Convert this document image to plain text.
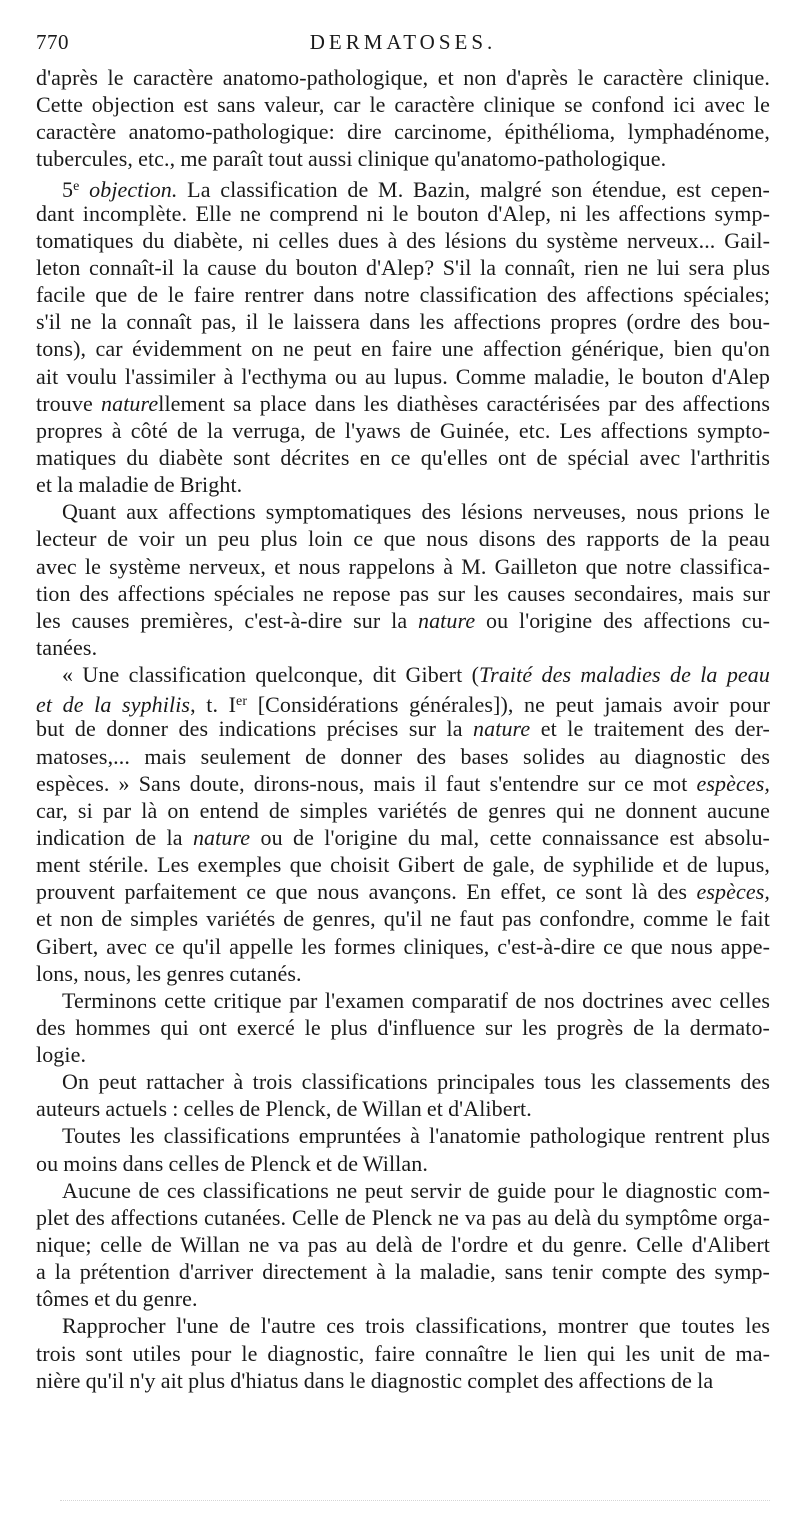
770	DERMATOSES.
d'après le caractère anatomo-pathologique, et non d'après le caractère clinique.
Cette objection est sans valeur, car le caractère clinique se confond ici avec le
caractère anatomo-pathologique: dire carcinome, épithélioma, lymphadénome,
tubercules, etc., me paraît tout aussi clinique qu'anatomo-pathologique.
5e objection. La classification de M. Bazin, malgré son étendue, est cepen-
dant incomplète. Elle ne comprend ni le bouton d'Alep, ni les affections symp-
tomatiques du diabète, ni celles dues à des lésions du système nerveux... Gail-
leton connaît-il la cause du bouton d'Alep? S'il la connaît, rien ne lui sera plus
facile que de le faire rentrer dans notre classification des affections spéciales;
s'il ne la connaît pas, il le laissera dans les affections propres (ordre des bou-
tons), car évidemment on ne peut en faire une affection générique, bien qu'on
ait voulu l'assimiler à l'ecthyma ou au lupus. Comme maladie, le bouton d'Alep
trouve naturellement sa place dans les diathèses caractérisées par des affections
propres à côté de la verruga, de l'yaws de Guinée, etc. Les affections sympto-
matiques du diabète sont décrites en ce qu'elles ont de spécial avec l'arthritis
et la maladie de Bright.
Quant aux affections symptomatiques des lésions nerveuses, nous prions le
lecteur de voir un peu plus loin ce que nous disons des rapports de la peau
avec le système nerveux, et nous rappelons à M. Gailleton que notre classifica-
tion des affections spéciales ne repose pas sur les causes secondaires, mais sur
les causes premières, c'est-à-dire sur la nature ou l'origine des affections cu-
tanées.
« Une classification quelconque, dit Gibert (Traité des maladies de la peau
et de la syphilis, t. Ier [Considérations générales]), ne peut jamais avoir pour
but de donner des indications précises sur la nature et le traitement des der-
matoses,... mais seulement de donner des bases solides au diagnostic des
espèces. » Sans doute, dirons-nous, mais il faut s'entendre sur ce mot espèces,
car, si par là on entend de simples variétés de genres qui ne donnent aucune
indication de la nature ou de l'origine du mal, cette connaissance est absolu-
ment stérile. Les exemples que choisit Gibert de gale, de syphilide et de lupus,
prouvent parfaitement ce que nous avançons. En effet, ce sont là des espèces,
et non de simples variétés de genres, qu'il ne faut pas confondre, comme le fait
Gibert, avec ce qu'il appelle les formes cliniques, c'est-à-dire ce que nous appe-
lons, nous, les genres cutanés.
Terminons cette critique par l'examen comparatif de nos doctrines avec celles
des hommes qui ont exercé le plus d'influence sur les progrès de la dermato-
logie.
On peut rattacher à trois classifications principales tous les classements des
auteurs actuels : celles de Plenck, de Willan et d'Alibert.
Toutes les classifications empruntées à l'anatomie pathologique rentrent plus
ou moins dans celles de Plenck et de Willan.
Aucune de ces classifications ne peut servir de guide pour le diagnostic com-
plet des affections cutanées. Celle de Plenck ne va pas au delà du symptôme orga-
nique; celle de Willan ne va pas au delà de l'ordre et du genre. Celle d'Alibert
a la prétention d'arriver directement à la maladie, sans tenir compte des symp-
tômes et du genre.
Rapprocher l'une de l'autre ces trois classifications, montrer que toutes les
trois sont utiles pour le diagnostic, faire connaître le lien qui les unit de ma-
nière qu'il n'y ait plus d'hiatus dans le diagnostic complet des affections de la
